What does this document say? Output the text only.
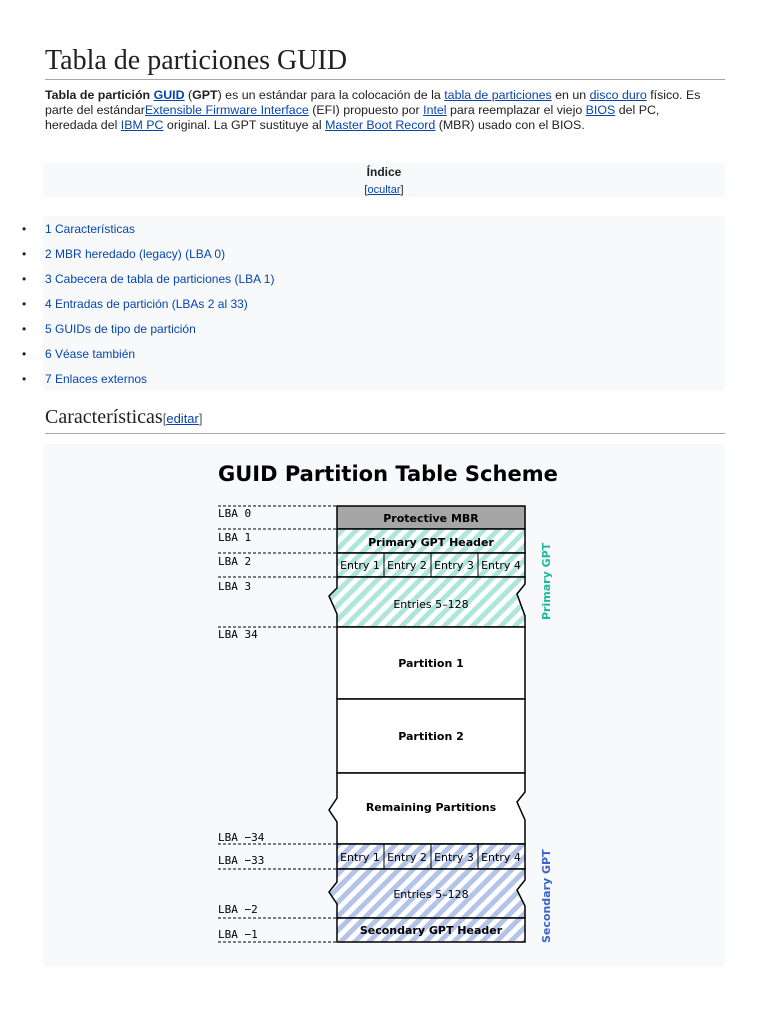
Tabla de particiones GUID

Tabla de partición GUID (GPT) es un estándar para la colocación de la tabla de particiones en un disco duro físico. Es parte del estándarExtensible Firmware Interface (EFI) propuesto por Intel para reemplazar el viejo BIOS del PC, heredada del IBM PC original. La GPT sustituye al Master Boot Record (MBR) usado con el BIOS.

Índice
[ocultar]
• 1 Características
• 2 MBR heredado (legacy) (LBA 0)
• 3 Cabecera de tabla de particiones (LBA 1)
• 4 Entradas de partición (LBAs 2 al 33)
• 5 GUIDs de tipo de partición
• 6 Véase también
• 7 Enlaces externos
Características[editar]
GUID Partition Table Scheme
Protective MBR
Primary GPT Header
Entry 1 Entry 2 Entry 3 Entry 4
Entries 5–128
Partition 1
Partition 2
Remaining Partitions
Entry 1 Entry 2 Entry 3 Entry 4
Entries 5–128
Secondary GPT Header
LBA 0
LBA 1
LBA 2
LBA 3
LBA 34
LBA −34
LBA −33
LBA −2
LBA −1
Primary GPT
Secondary GPT
